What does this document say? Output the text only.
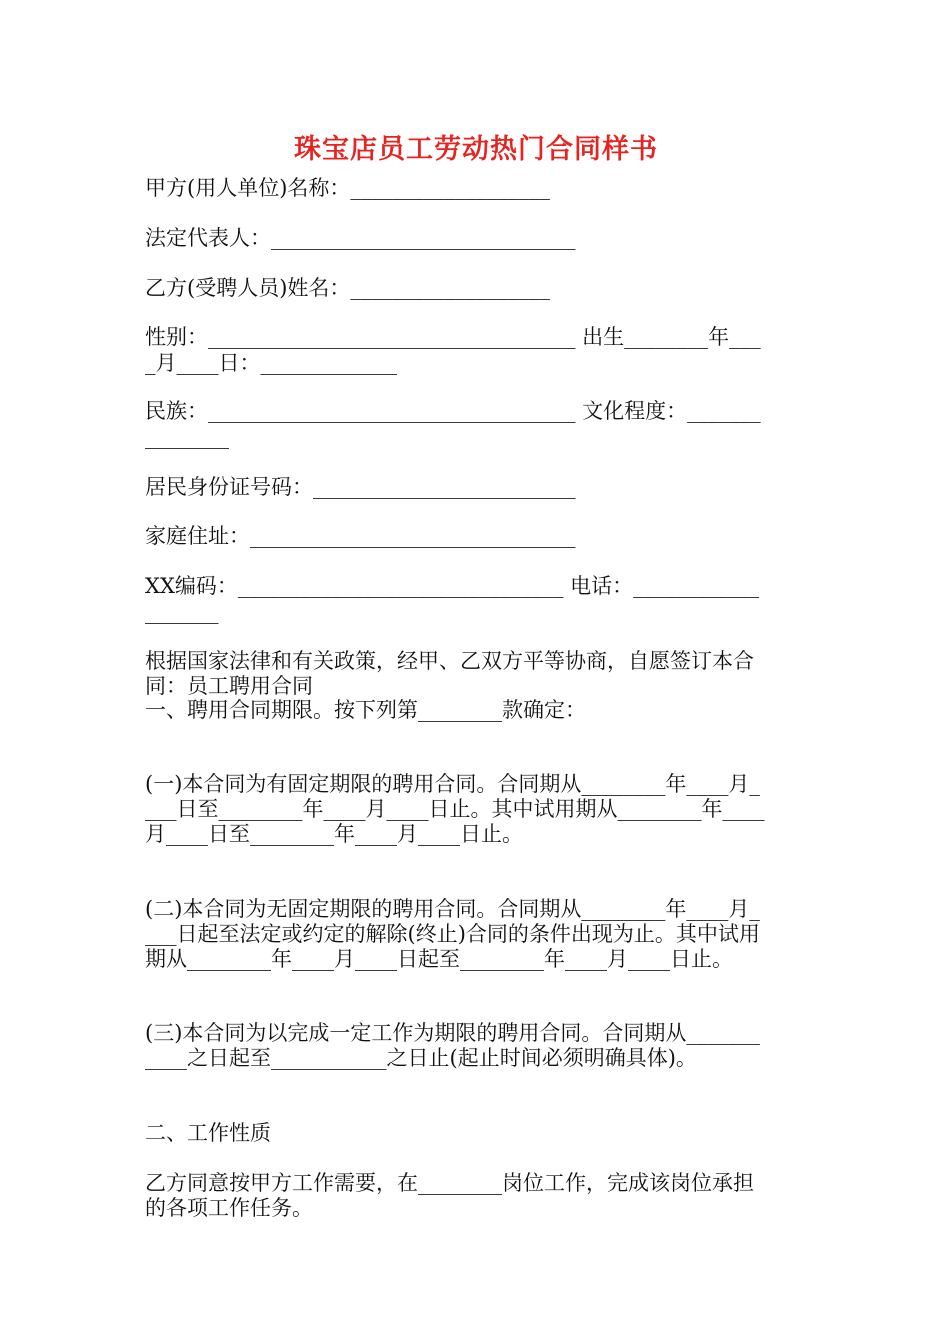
珠宝店员工劳动热门合同样书
甲方(用人单位)名称：___________________
法定代表人：_____________________________
乙方(受聘人员)姓名：___________________
性别：___________________________________ 出生________年___
_月____日：_____________
民族：___________________________________ 文化程度：_______
________
居民身份证号码：_________________________
家庭住址：_______________________________
XX编码：_______________________________ 电话：____________
_______
根据国家法律和有关政策，经甲、乙双方平等协商，自愿签订本合
同：员工聘用合同
一、聘用合同期限。按下列第________款确定：
(一)本合同为有固定期限的聘用合同。合同期从________年____月_
___日至________年____月____日止。其中试用期从________年____
月____日至________年____月____日止。
(二)本合同为无固定期限的聘用合同。合同期从________年____月_
___日起至法定或约定的解除(终止)合同的条件出现为止。其中试用
期从________年____月____日起至________年____月____日止。
(三)本合同为以完成一定工作为期限的聘用合同。合同期从_______
____之日起至___________之日止(起止时间必须明确具体)。
二、工作性质
乙方同意按甲方工作需要，在________岗位工作，完成该岗位承担
的各项工作任务。
